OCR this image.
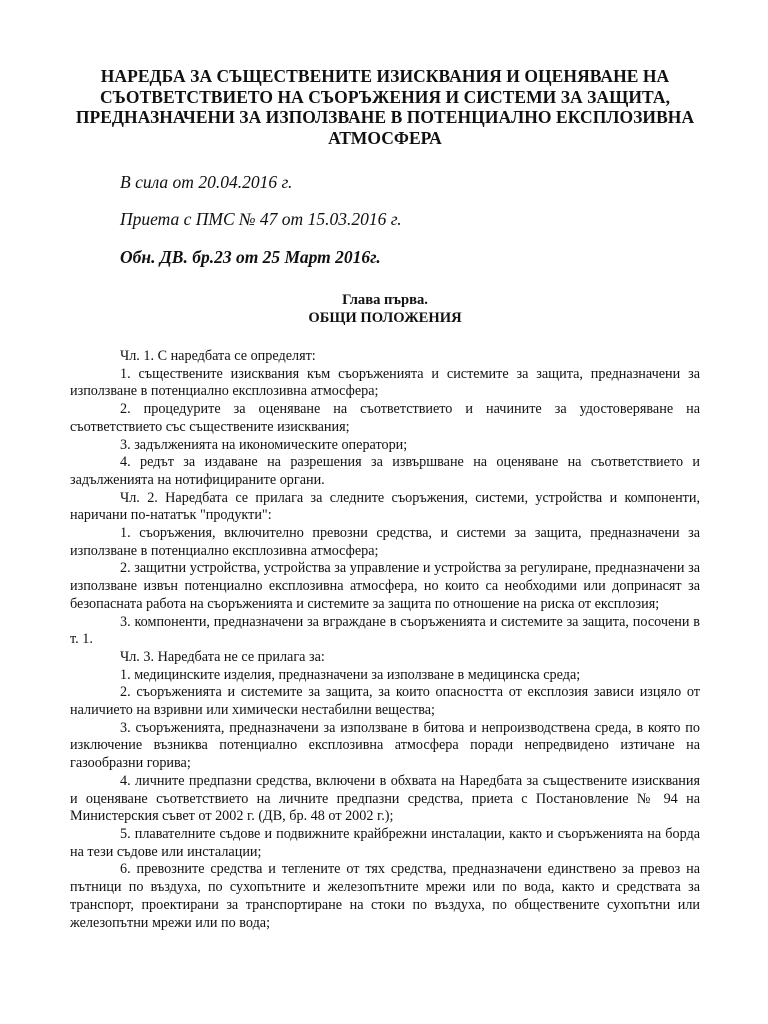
НАРЕДБА ЗА СЪЩЕСТВЕНИТЕ ИЗИСКВАНИЯ И ОЦЕНЯВАНЕ НА СЪОТВЕТСТВИЕТО НА СЪОРЪЖЕНИЯ И СИСТЕМИ ЗА ЗАЩИТА, ПРЕДНАЗНАЧЕНИ ЗА ИЗПОЛЗВАНЕ В ПОТЕНЦИАЛНО ЕКСПЛОЗИВНА АТМОСФЕРА

В сила от 20.04.2016 г.

Приета с ПМС № 47 от 15.03.2016 г.

Обн. ДВ. бр.23 от 25 Март 2016г.

Глава първа.

ОБЩИ ПОЛОЖЕНИЯ

Чл. 1. С наредбата се определят:

1. съществените изисквания към съоръженията и системите за защита, предназначени за използване в потенциално експлозивна атмосфера;

2. процедурите за оценяване на съответствието и начините за удостоверяване на съответствието със съществените изисквания;

3. задълженията на икономическите оператори;

4. редът за издаване на разрешения за извършване на оценяване на съответствието и задълженията на нотифицираните органи.

Чл. 2. Наредбата се прилага за следните съоръжения, системи, устройства и компоненти, наричани по-нататък "продукти":

1. съоръжения, включително превозни средства, и системи за защита, предназначени за използване в потенциално експлозивна атмосфера;

2. защитни устройства, устройства за управление и устройства за регулиране, предназначени за използване извън потенциално експлозивна атмосфера, но които са необходими или допринасят за безопасната работа на съоръженията и системите за защита по отношение на риска от експлозия;

3. компоненти, предназначени за вграждане в съоръженията и системите за защита, посочени в т. 1.

Чл. 3. Наредбата не се прилага за:

1. медицинските изделия, предназначени за използване в медицинска среда;

2. съоръженията и системите за защита, за които опасността от експлозия зависи изцяло от наличието на взривни или химически нестабилни вещества;

3. съоръженията, предназначени за използване в битова и непроизводствена среда, в която по изключение възниква потенциално експлозивна атмосфера поради непредвидено изтичане на газообразни горива;

4. личните предпазни средства, включени в обхвата на Наредбата за съществените изисквания и оценяване съответствието на личните предпазни средства, приета с Постановление № 94 на Министерския съвет от 2002 г. (ДВ, бр. 48 от 2002 г.);

5. плавателните съдове и подвижните крайбрежни инсталации, както и съоръженията на борда на тези съдове или инсталации;

6. превозните средства и теглените от тях средства, предназначени единствено за превоз на пътници по въздуха, по сухопътните и железопътните мрежи или по вода, както и средствата за транспорт, проектирани за транспортиране на стоки по въздуха, по обществените сухопътни или железопътни мрежи или по вода;
